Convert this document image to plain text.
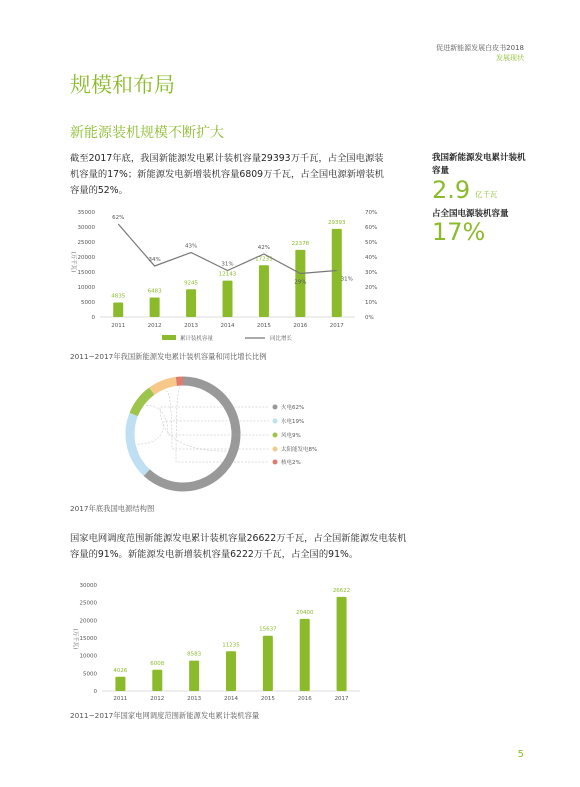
促进新能源发展白皮书2018
发展现状
规模和布局
新能源装机规模不断扩大
截至2017年底，我国新能源发电累计装机容量29393万千瓦，占全国电源装机容量的17%；新能源发电新增装机容量6809万千瓦，占全国电源新增装机容量的52%。
我国新能源发电累计装机容量
2.9 亿千瓦
占全国电源装机容量
17%
0
5000
10000
15000
20000
25000
30000
35000
0%
10%
20%
30%
40%
50%
60%
70%
(万千瓦)
4835
2011
6483
2012
9245
2013
12143
2014
17233
2015
22378
2016
29393
2017
62%
34%
43%
31%
42%
29%	31%
累计装机容量	同比增长
2011~2017年我国新能源发电累计装机容量和同比增长比例
火电62%
水电19%
风电9%
太阳能发电8%
核电2%
2017年底我国电源结构图
国家电网调度范围新能源发电累计装机容量26622万千瓦，占全国新能源发电装机容量的91%。新能源发电新增装机容量6222万千瓦，占全国的91%。
0
5000
10000
15000
20000
25000
30000
(万千瓦)
4026
2011
6008
2012
8583
2013
11235
2014
15637
2015
20400
2016
26622
2017
2011~2017年国家电网调度范围新能源发电累计装机容量
5
